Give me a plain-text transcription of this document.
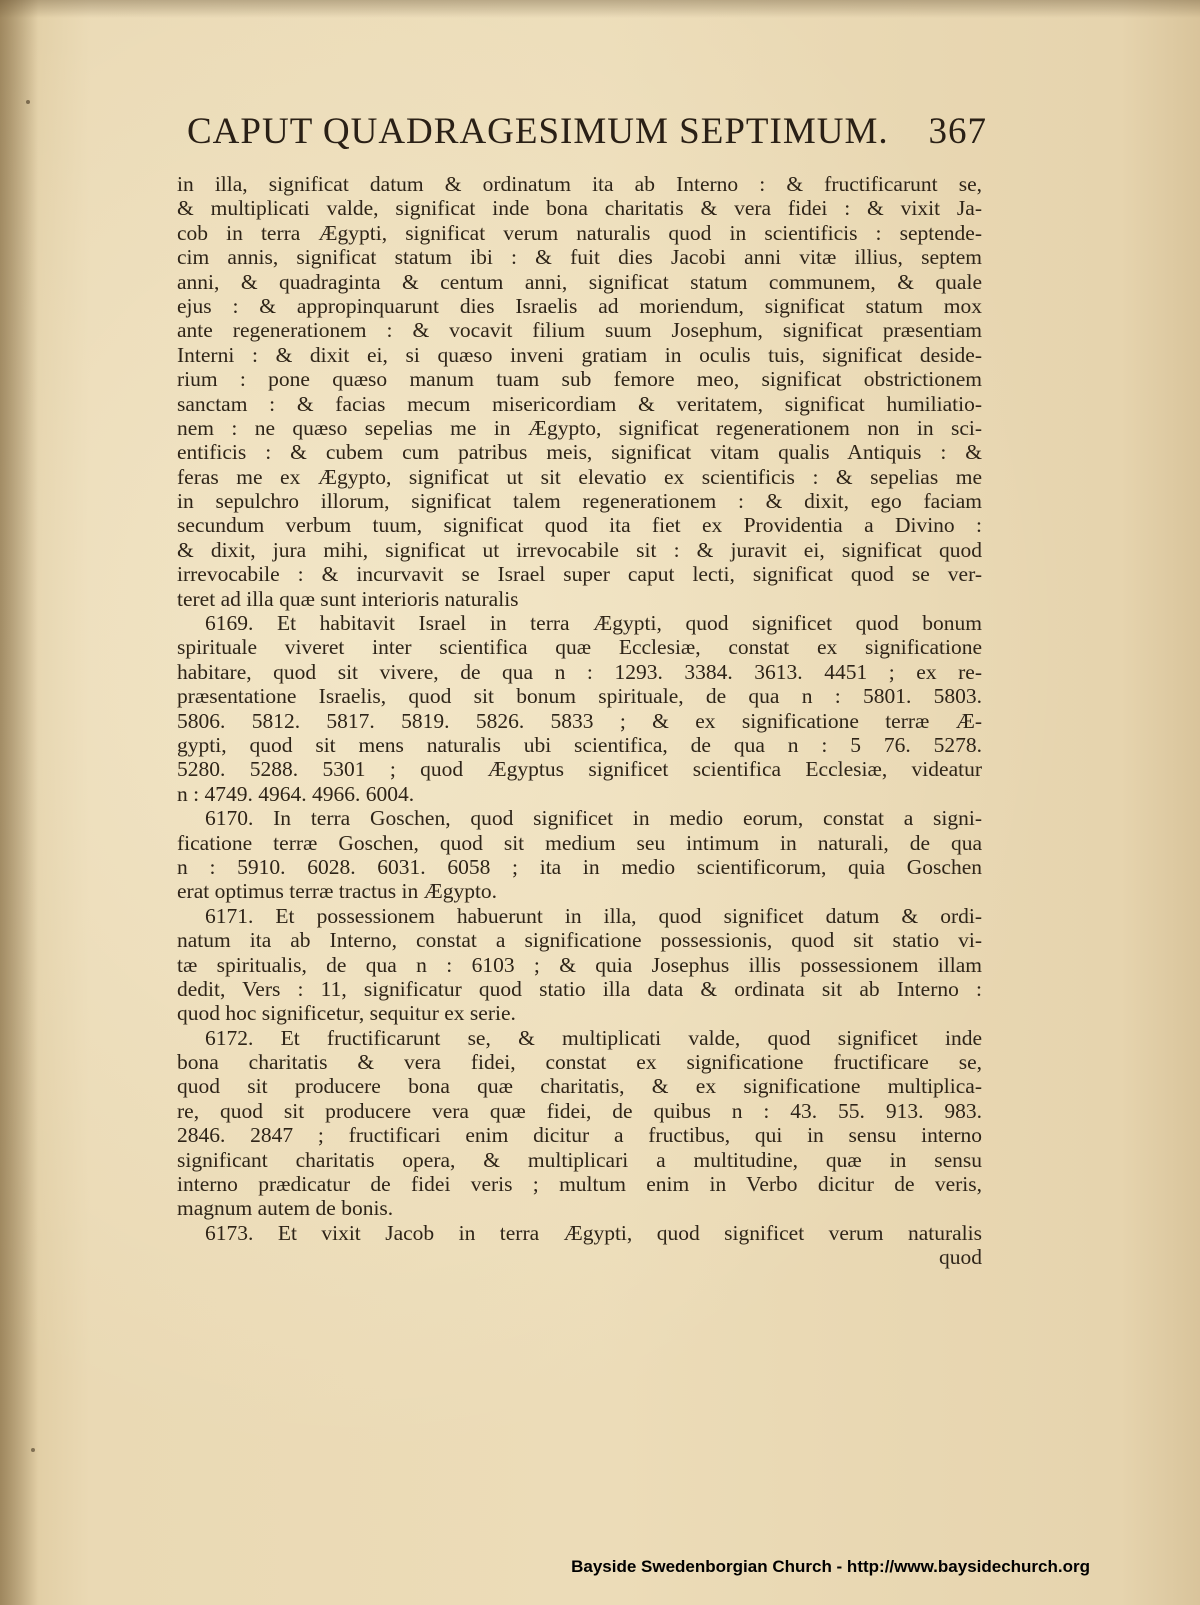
CAPUT QUADRAGESIMUM SEPTIMUM. 367
in illa, significat datum & ordinatum ita ab Interno : & fructificarunt se,
& multiplicati valde, significat inde bona charitatis & vera fidei : & vixit Ja-
cob in terra Ægypti, significat verum naturalis quod in scientificis : septende-
cim annis, significat statum ibi : & fuit dies Jacobi anni vitæ illius, septem
anni, & quadraginta & centum anni, significat statum communem, & quale
ejus : & appropinquarunt dies Israelis ad moriendum, significat statum mox
ante regenerationem : & vocavit filium suum Josephum, significat præsentiam
Interni : & dixit ei, si quæso inveni gratiam in oculis tuis, significat deside-
rium : pone quæso manum tuam sub femore meo, significat obstrictionem
sanctam : & facias mecum misericordiam & veritatem, significat humiliatio-
nem : ne quæso sepelias me in Ægypto, significat regenerationem non in sci-
entificis : & cubem cum patribus meis, significat vitam qualis Antiquis : &
feras me ex Ægypto, significat ut sit elevatio ex scientificis : & sepelias me
in sepulchro illorum, significat talem regenerationem : & dixit, ego faciam
secundum verbum tuum, significat quod ita fiet ex Providentia a Divino :
& dixit, jura mihi, significat ut irrevocabile sit : & juravit ei, significat quod
irrevocabile : & incurvavit se Israel super caput lecti, significat quod se ver-
teret ad illa quæ sunt interioris naturalis
6169. Et habitavit Israel in terra Ægypti, quod significet quod bonum
spirituale viveret inter scientifica quæ Ecclesiæ, constat ex significatione
habitare, quod sit vivere, de qua n : 1293. 3384. 3613. 4451 ; ex re-
præsentatione Israelis, quod sit bonum spirituale, de qua n : 5801. 5803.
5806. 5812. 5817. 5819. 5826. 5833 ; & ex significatione terræ Æ-
gypti, quod sit mens naturalis ubi scientifica, de qua n : 5 76. 5278.
5280. 5288. 5301 ; quod Ægyptus significet scientifica Ecclesiæ, videatur
n : 4749. 4964. 4966. 6004.
6170. In terra Goschen, quod significet in medio eorum, constat a signi-
ficatione terræ Goschen, quod sit medium seu intimum in naturali, de qua
n : 5910. 6028. 6031. 6058 ; ita in medio scientificorum, quia Goschen
erat optimus terræ tractus in Ægypto.
6171. Et possessionem habuerunt in illa, quod significet datum & ordi-
natum ita ab Interno, constat a significatione possessionis, quod sit statio vi-
tæ spiritualis, de qua n : 6103 ; & quia Josephus illis possessionem illam
dedit, Vers : 11, significatur quod statio illa data & ordinata sit ab Interno :
quod hoc significetur, sequitur ex serie.
6172. Et fructificarunt se, & multiplicati valde, quod significet inde
bona charitatis & vera fidei, constat ex significatione fructificare se,
quod sit producere bona quæ charitatis, & ex significatione multiplica-
re, quod sit producere vera quæ fidei, de quibus n : 43. 55. 913. 983.
2846. 2847 ; fructificari enim dicitur a fructibus, qui in sensu interno
significant charitatis opera, & multiplicari a multitudine, quæ in sensu
interno prædicatur de fidei veris ; multum enim in Verbo dicitur de veris,
magnum autem de bonis.
6173. Et vixit Jacob in terra Ægypti, quod significet verum naturalis
quod
Bayside Swedenborgian Church - http://www.baysidechurch.org
